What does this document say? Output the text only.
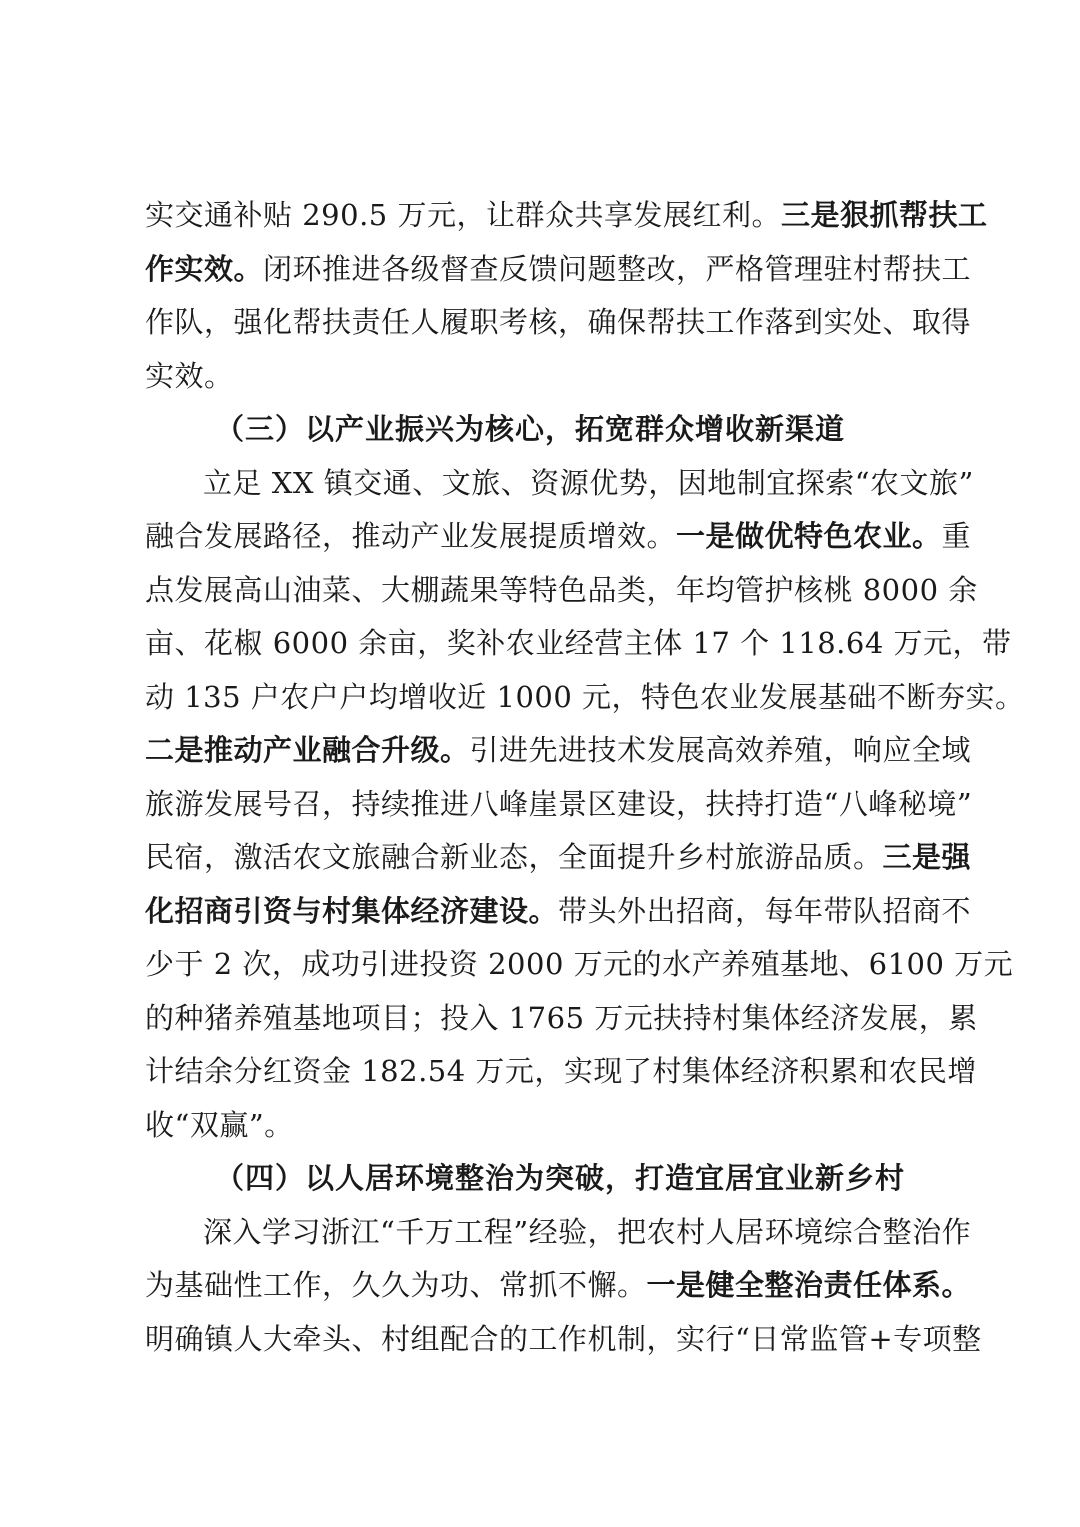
实交通补贴 290.5 万元，让群众共享发展红利。三是狠抓帮扶工
作实效。闭环推进各级督查反馈问题整改，严格管理驻村帮扶工
作队，强化帮扶责任人履职考核，确保帮扶工作落到实处、取得
实效。
（三）以产业振兴为核心，拓宽群众增收新渠道
立足 XX 镇交通、文旅、资源优势，因地制宜探索“农文旅”
融合发展路径，推动产业发展提质增效。一是做优特色农业。重
点发展高山油菜、大棚蔬果等特色品类，年均管护核桃 8000 余
亩、花椒 6000 余亩，奖补农业经营主体 17 个 118.64 万元，带
动 135 户农户户均增收近 1000 元，特色农业发展基础不断夯实。
二是推动产业融合升级。引进先进技术发展高效养殖，响应全域
旅游发展号召，持续推进八峰崖景区建设，扶持打造“八峰秘境”
民宿，激活农文旅融合新业态，全面提升乡村旅游品质。三是强
化招商引资与村集体经济建设。带头外出招商，每年带队招商不
少于 2 次，成功引进投资 2000 万元的水产养殖基地、6100 万元
的种猪养殖基地项目；投入 1765 万元扶持村集体经济发展，累
计结余分红资金 182.54 万元，实现了村集体经济积累和农民增
收“双赢”。
（四）以人居环境整治为突破，打造宜居宜业新乡村
深入学习浙江“千万工程”经验，把农村人居环境综合整治作
为基础性工作，久久为功、常抓不懈。一是健全整治责任体系。
明确镇人大牵头、村组配合的工作机制，实行“日常监管+专项整
